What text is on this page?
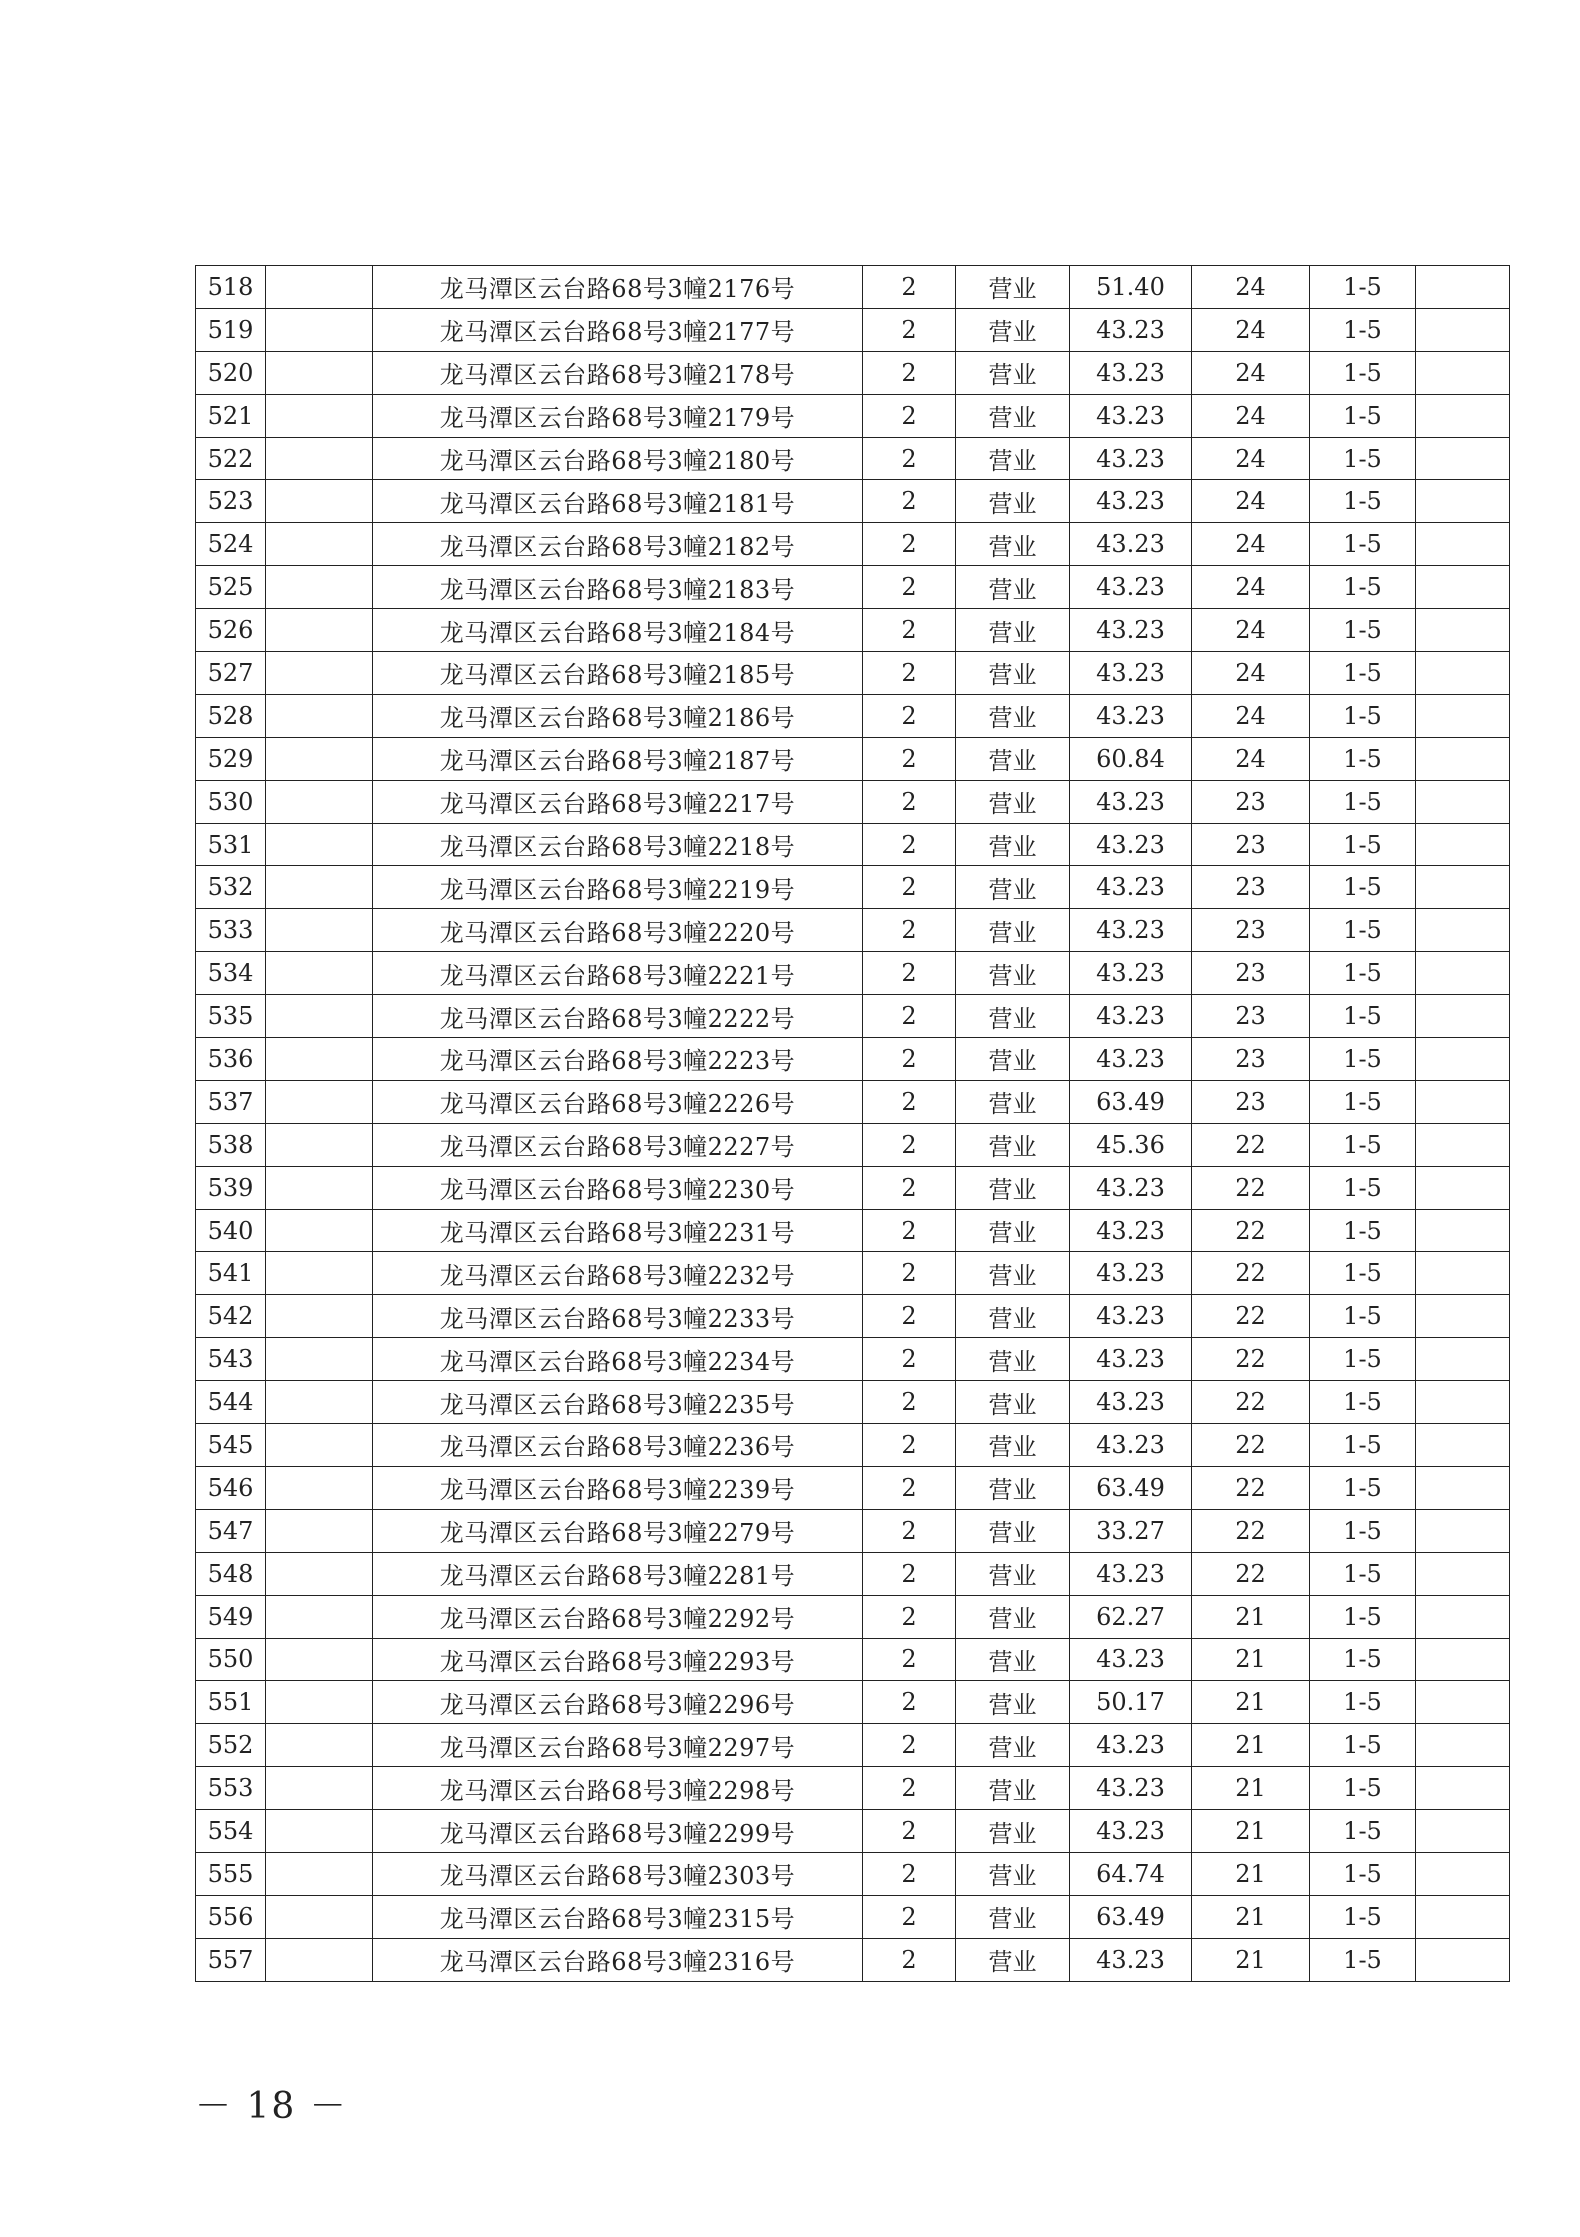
518		龙马潭区云台路68号3幢2176号	2	营业	51.40	24	1-5	
519		龙马潭区云台路68号3幢2177号	2	营业	43.23	24	1-5	
520		龙马潭区云台路68号3幢2178号	2	营业	43.23	24	1-5	
521		龙马潭区云台路68号3幢2179号	2	营业	43.23	24	1-5	
522		龙马潭区云台路68号3幢2180号	2	营业	43.23	24	1-5	
523		龙马潭区云台路68号3幢2181号	2	营业	43.23	24	1-5	
524		龙马潭区云台路68号3幢2182号	2	营业	43.23	24	1-5	
525		龙马潭区云台路68号3幢2183号	2	营业	43.23	24	1-5	
526		龙马潭区云台路68号3幢2184号	2	营业	43.23	24	1-5	
527		龙马潭区云台路68号3幢2185号	2	营业	43.23	24	1-5	
528		龙马潭区云台路68号3幢2186号	2	营业	43.23	24	1-5	
529		龙马潭区云台路68号3幢2187号	2	营业	60.84	24	1-5	
530		龙马潭区云台路68号3幢2217号	2	营业	43.23	23	1-5	
531		龙马潭区云台路68号3幢2218号	2	营业	43.23	23	1-5	
532		龙马潭区云台路68号3幢2219号	2	营业	43.23	23	1-5	
533		龙马潭区云台路68号3幢2220号	2	营业	43.23	23	1-5	
534		龙马潭区云台路68号3幢2221号	2	营业	43.23	23	1-5	
535		龙马潭区云台路68号3幢2222号	2	营业	43.23	23	1-5	
536		龙马潭区云台路68号3幢2223号	2	营业	43.23	23	1-5	
537		龙马潭区云台路68号3幢2226号	2	营业	63.49	23	1-5	
538		龙马潭区云台路68号3幢2227号	2	营业	45.36	22	1-5	
539		龙马潭区云台路68号3幢2230号	2	营业	43.23	22	1-5	
540		龙马潭区云台路68号3幢2231号	2	营业	43.23	22	1-5	
541		龙马潭区云台路68号3幢2232号	2	营业	43.23	22	1-5	
542		龙马潭区云台路68号3幢2233号	2	营业	43.23	22	1-5	
543		龙马潭区云台路68号3幢2234号	2	营业	43.23	22	1-5	
544		龙马潭区云台路68号3幢2235号	2	营业	43.23	22	1-5	
545		龙马潭区云台路68号3幢2236号	2	营业	43.23	22	1-5	
546		龙马潭区云台路68号3幢2239号	2	营业	63.49	22	1-5	
547		龙马潭区云台路68号3幢2279号	2	营业	33.27	22	1-5	
548		龙马潭区云台路68号3幢2281号	2	营业	43.23	22	1-5	
549		龙马潭区云台路68号3幢2292号	2	营业	62.27	21	1-5	
550		龙马潭区云台路68号3幢2293号	2	营业	43.23	21	1-5	
551		龙马潭区云台路68号3幢2296号	2	营业	50.17	21	1-5	
552		龙马潭区云台路68号3幢2297号	2	营业	43.23	21	1-5	
553		龙马潭区云台路68号3幢2298号	2	营业	43.23	21	1-5	
554		龙马潭区云台路68号3幢2299号	2	营业	43.23	21	1-5	
555		龙马潭区云台路68号3幢2303号	2	营业	64.74	21	1-5	
556		龙马潭区云台路68号3幢2315号	2	营业	63.49	21	1-5	
557		龙马潭区云台路68号3幢2316号	2	营业	43.23	21	1-5	
－ 18 －
